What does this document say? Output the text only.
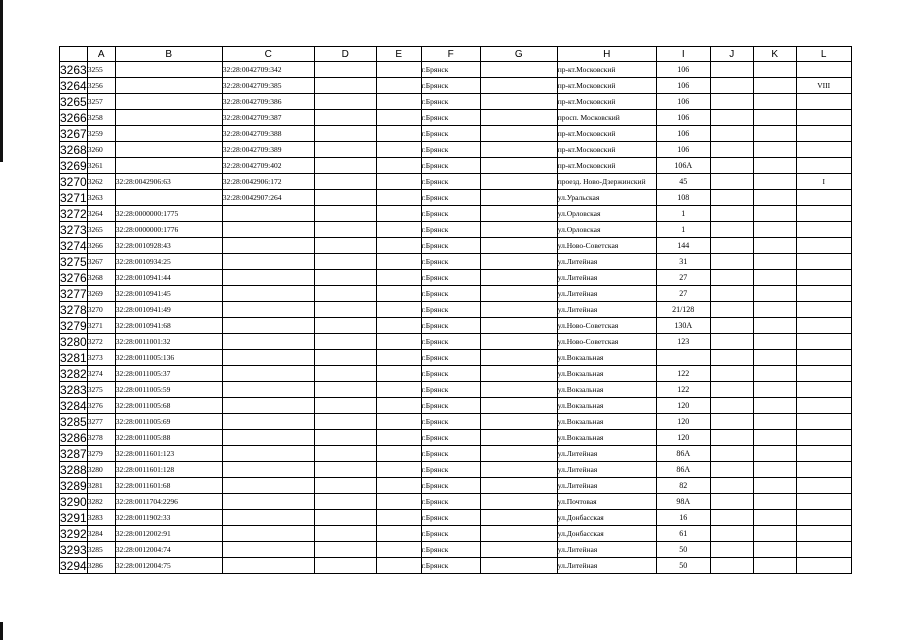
	A	B	C	D	E	F	G	H	I	J	K	L
3263	3255		32:28:0042709:342			г.Брянск		пр-кт.Московский	106			
3264	3256		32:28:0042709:385			г.Брянск		пр-кт.Московский	106			VIII
3265	3257		32:28:0042709:386			г.Брянск		пр-кт.Московский	106			
3266	3258		32:28:0042709:387			г.Брянск		просп. Московский	106			
3267	3259		32:28:0042709:388			г.Брянск		пр-кт.Московский	106			
3268	3260		32:28:0042709:389			г.Брянск		пр-кт.Московский	106			
3269	3261		32:28:0042709:402			г.Брянск		пр-кт.Московский	106А			
3270	3262	32:28:0042906:63	32:28:0042906:172			г.Брянск		проезд. Ново-Дзержинский	45			I
3271	3263		32:28:0042907:264			г.Брянск		ул.Уральская	108			
3272	3264	32:28:0000000:1775				г.Брянск		ул.Орловская	1			
3273	3265	32:28:0000000:1776				г.Брянск		ул.Орловская	1			
3274	3266	32:28:0010928:43				г.Брянск		ул.Ново-Советская	144			
3275	3267	32:28:0010934:25				г.Брянск		ул.Литейная	31			
3276	3268	32:28:0010941:44				г.Брянск		ул.Литейная	27			
3277	3269	32:28:0010941:45				г.Брянск		ул.Литейная	27			
3278	3270	32:28:0010941:49				г.Брянск		ул.Литейная	21/128			
3279	3271	32:28:0010941:68				г.Брянск		ул.Ново-Советская	130А			
3280	3272	32:28:0011001:32				г.Брянск		ул.Ново-Советская	123			
3281	3273	32:28:0011005:136				г.Брянск		ул.Вокзальная				
3282	3274	32:28:0011005:37				г.Брянск		ул.Вокзальная	122			
3283	3275	32:28:0011005:59				г.Брянск		ул.Вокзальная	122			
3284	3276	32:28:0011005:68				г.Брянск		ул.Вокзальная	120			
3285	3277	32:28:0011005:69				г.Брянск		ул.Вокзальная	120			
3286	3278	32:28:0011005:88				г.Брянск		ул.Вокзальная	120			
3287	3279	32:28:0011601:123				г.Брянск		ул.Литейная	86А			
3288	3280	32:28:0011601:128				г.Брянск		ул.Литейная	86А			
3289	3281	32:28:0011601:68				г.Брянск		ул.Литейная	82			
3290	3282	32:28:0011704:2296				г.Брянск		ул.Почтовая	98А			
3291	3283	32:28:0011902:33				г.Брянск		ул.Донбасская	16			
3292	3284	32:28:0012002:91				г.Брянск		ул.Донбасская	61			
3293	3285	32:28:0012004:74				г.Брянск		ул.Литейная	50			
3294	3286	32:28:0012004:75				г.Брянск		ул.Литейная	50			
